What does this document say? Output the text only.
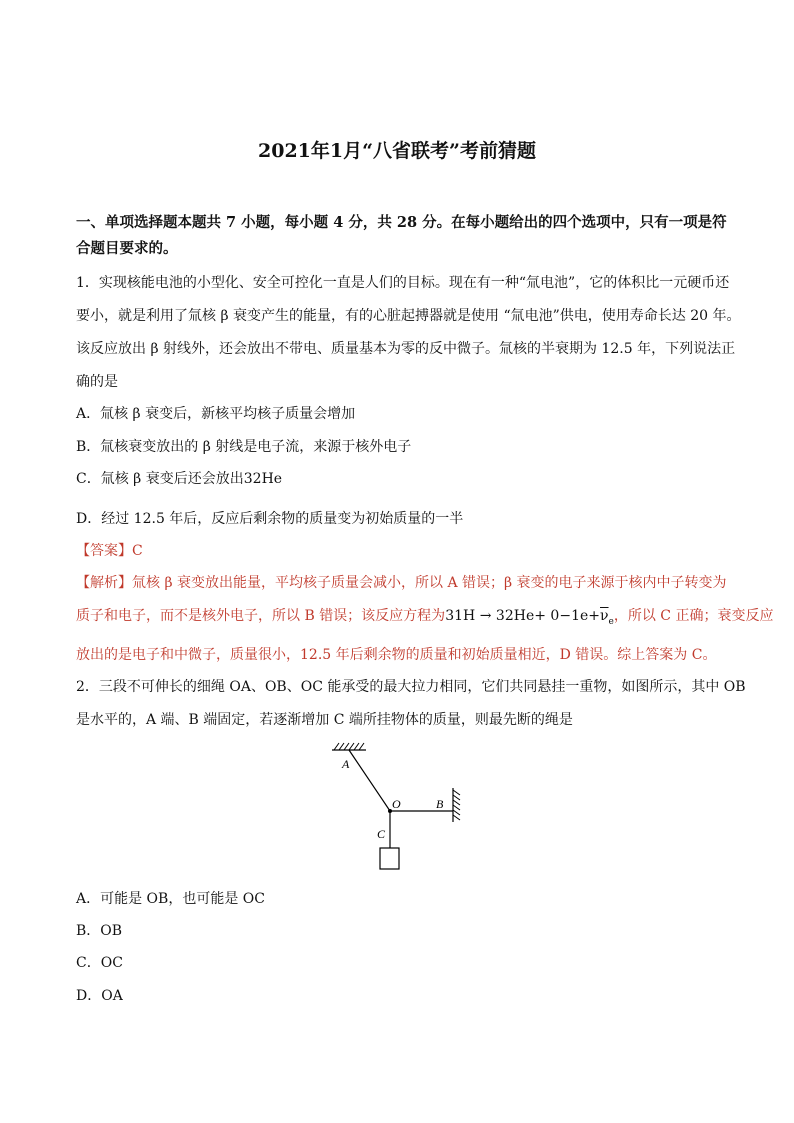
2021年1月“八省联考”考前猜题
一、单项选择题本题共 7 小题，每小题 4 分，共 28 分。在每小题给出的四个选项中，只有一项是符合题目要求的。
1．实现核能电池的小型化、安全可控化一直是人们的目标。现在有一种“氚电池”，它的体积比一元硬币还
要小，就是利用了氚核 β 衰变产生的能量，有的心脏起搏器就是使用 “氚电池”供电，使用寿命长达 20 年。
该反应放出 β 射线外，还会放出不带电、质量基本为零的反中微子。氚核的半衰期为 12.5 年，下列说法正
确的是
A．氚核 β 衰变后，新核平均核子质量会增加
B．氚核衰变放出的 β 射线是电子流，来源于核外电子
C．氚核 β 衰变后还会放出32He
D．经过 12.5 年后，反应后剩余物的质量变为初始质量的一半
【答案】C
【解析】氚核 β 衰变放出能量，平均核子质量会减小，所以 A 错误；β 衰变的电子来源于核内中子转变为
质子和电子，而不是核外电子，所以 B 错误；该反应方程为$31H \to 32He+ 0-1e+\overline{\nu}_e$，所以 C 正确；衰变反应
放出的是电子和中微子，质量很小，12.5 年后剩余物的质量和初始质量相近，D 错误。综上答案为 C。
2．三段不可伸长的细绳 OA、OB、OC 能承受的最大拉力相同，它们共同悬挂一重物，如图所示，其中 OB
是水平的，A 端、B 端固定，若逐渐增加 C 端所挂物体的质量，则最先断的绳是
A
O	B
C
A．可能是 OB，也可能是 OC
B．OB
C．OC
D．OA
